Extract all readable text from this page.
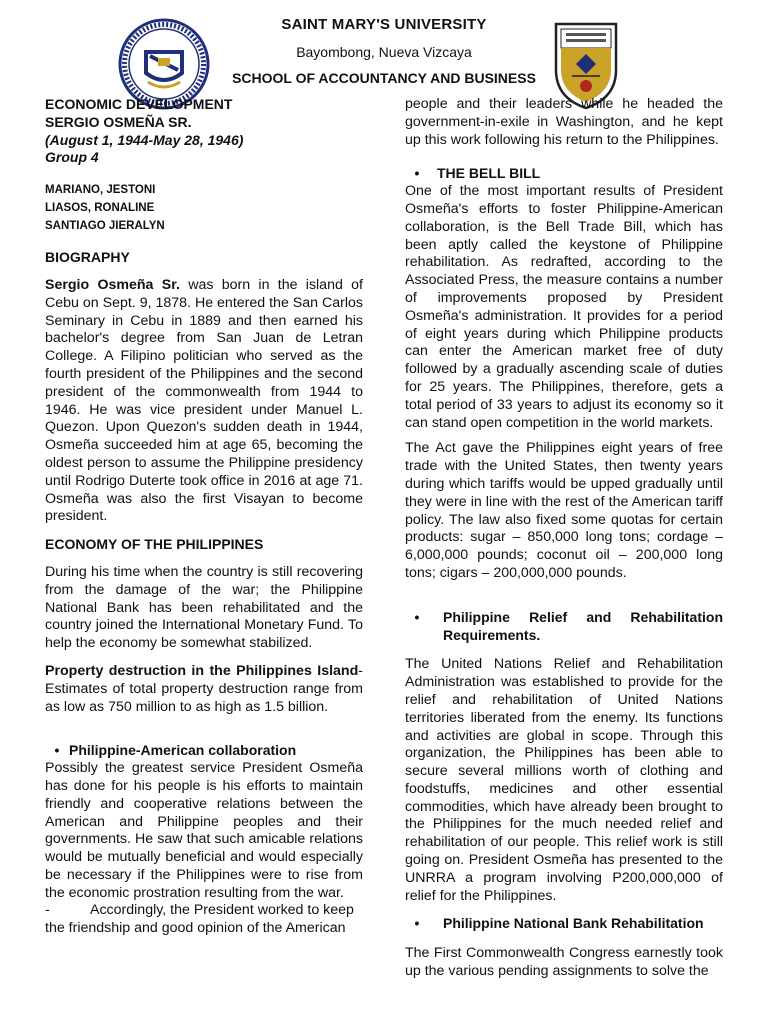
SAINT MARY'S UNIVERSITY
Bayombong, Nueva Vizcaya
SCHOOL OF ACCOUNTANCY AND BUSINESS

ECONOMIC DEVELOPMENT

SERGIO OSMEÑA SR.

(August 1, 1944-May 28, 1946)

Group 4

MARIANO, JESTONI

LIASOS, RONALINE

SANTIAGO JIERALYN

BIOGRAPHY

Sergio Osmeña Sr. was born in the island of Cebu on Sept. 9, 1878. He entered the San Carlos Seminary in Cebu in 1889 and then earned his bachelor's degree from San Juan de Letran College. A Filipino politician who served as the fourth president of the Philippines and the second president of the commonwealth from 1944 to 1946. He was vice president under Manuel L. Quezon. Upon Quezon's sudden death in 1944, Osmeña succeeded him at age 65, becoming the oldest person to assume the Philippine presidency until Rodrigo Duterte took office in 2016 at age 71. Osmeña was also the first Visayan to become president.

ECONOMY OF THE PHILIPPINES

During his time when the country is still recovering from the damage of the war; the Philippine National Bank has been rehabilitated and the country joined the International Monetary Fund. To help the economy be somewhat stabilized.

Property destruction in the Philippines Island-Estimates of total property destruction range from as low as 750 million to as high as 1.5 billion.

• Philippine-American collaboration

Possibly the greatest service President Osmeña has done for his people is his efforts to maintain friendly and cooperative relations between the American and Philippine peoples and their governments. He saw that such amicable relations would be mutually beneficial and would especially be necessary if the Philippines were to rise from the economic prostration resulting from the war.

-	Accordingly, the President worked to keep

the friendship and good opinion of the American

people and their leaders while he headed the government-in-exile in Washington, and he kept up this work following his return to the Philippines.

•	THE BELL BILL

One of the most important results of President Osmeña's efforts to foster Philippine-American collaboration, is the Bell Trade Bill, which has been aptly called the keystone of Philippine rehabilitation. As redrafted, according to the Associated Press, the measure contains a number of improvements proposed by President Osmeña's administration. It provides for a period of eight years during which Philippine products can enter the American market free of duty followed by a gradually ascending scale of duties for 25 years. The Philippines, therefore, gets a total period of 33 years to adjust its economy so it can stand open competition in the world markets.

The Act gave the Philippines eight years of free trade with the United States, then twenty years during which tariffs would be upped gradually until they were in line with the rest of the American tariff policy. The law also fixed some quotas for certain products: sugar – 850,000 long tons; cordage – 6,000,000 pounds; coconut oil – 200,000 long tons; cigars – 200,000,000 pounds.

•	Philippine Relief and Rehabilitation Requirements.

The United Nations Relief and Rehabilitation Administration was established to provide for the relief and rehabilitation of United Nations territories liberated from the enemy. Its functions and activities are global in scope. Through this organization, the Philippines has been able to secure several millions worth of clothing and foodstuffs, medicines and other essential commodities, which have already been brought to the Philippines for the much needed relief and rehabilitation of our people. This relief work is still going on. President Osmeña has presented to the UNRRA a program involving P200,000,000 of relief for the Philippines.

•	Philippine National Bank Rehabilitation

The First Commonwealth Congress earnestly took up the various pending assignments to solve the
